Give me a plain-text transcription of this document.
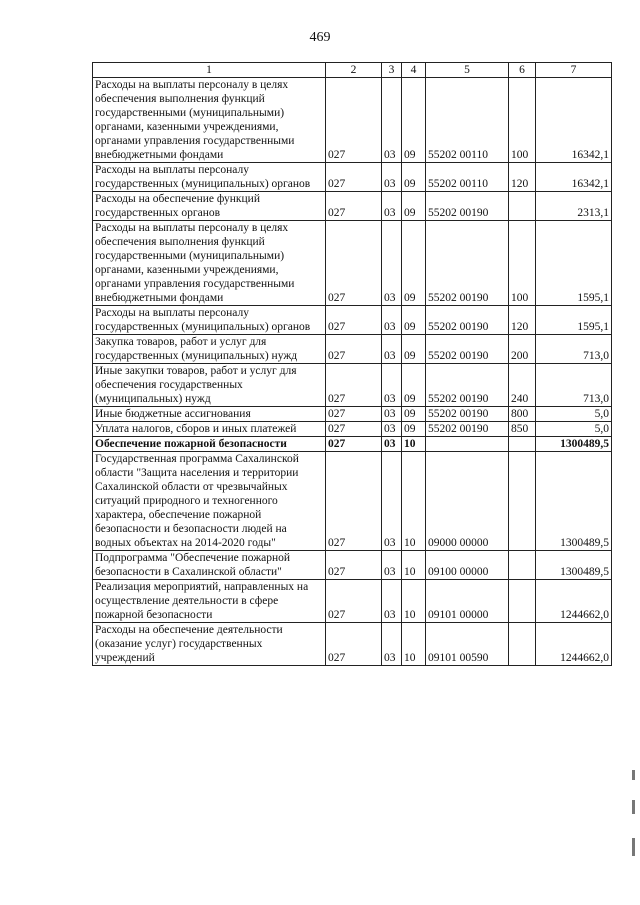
469
1	2	3	4	5	6	7
Расходы на выплаты персоналу в целях обеспечения выполнения функций государственными (муниципальными) органами, казенными учреждениями, органами управления государственными внебюджетными фондами	027	03	09	55202 00110	100	16342,1
Расходы на выплаты персоналу государственных (муниципальных) органов	027	03	09	55202 00110	120	16342,1
Расходы на обеспечение функций государственных органов	027	03	09	55202 00190		2313,1
Расходы на выплаты персоналу в целях обеспечения выполнения функций государственными (муниципальными) органами, казенными учреждениями, органами управления государственными внебюджетными фондами	027	03	09	55202 00190	100	1595,1
Расходы на выплаты персоналу государственных (муниципальных) органов	027	03	09	55202 00190	120	1595,1
Закупка товаров, работ и услуг для государственных (муниципальных) нужд	027	03	09	55202 00190	200	713,0
Иные закупки товаров, работ и услуг для обеспечения государственных (муниципальных) нужд	027	03	09	55202 00190	240	713,0
Иные бюджетные ассигнования	027	03	09	55202 00190	800	5,0
Уплата налогов, сборов и иных платежей	027	03	09	55202 00190	850	5,0
Обеспечение пожарной безопасности	027	03	10			1300489,5
Государственная программа Сахалинской области "Защита населения и территории Сахалинской области от чрезвычайных ситуаций природного и техногенного характера, обеспечение пожарной безопасности и безопасности людей на водных объектах на 2014-2020 годы"	027	03	10	09000 00000		1300489,5
Подпрограмма "Обеспечение пожарной безопасности в Сахалинской области"	027	03	10	09100 00000		1300489,5
Реализация мероприятий, направленных на осуществление деятельности в сфере пожарной безопасности	027	03	10	09101 00000		1244662,0
Расходы на обеспечение деятельности (оказание услуг) государственных учреждений	027	03	10	09101 00590		1244662,0
